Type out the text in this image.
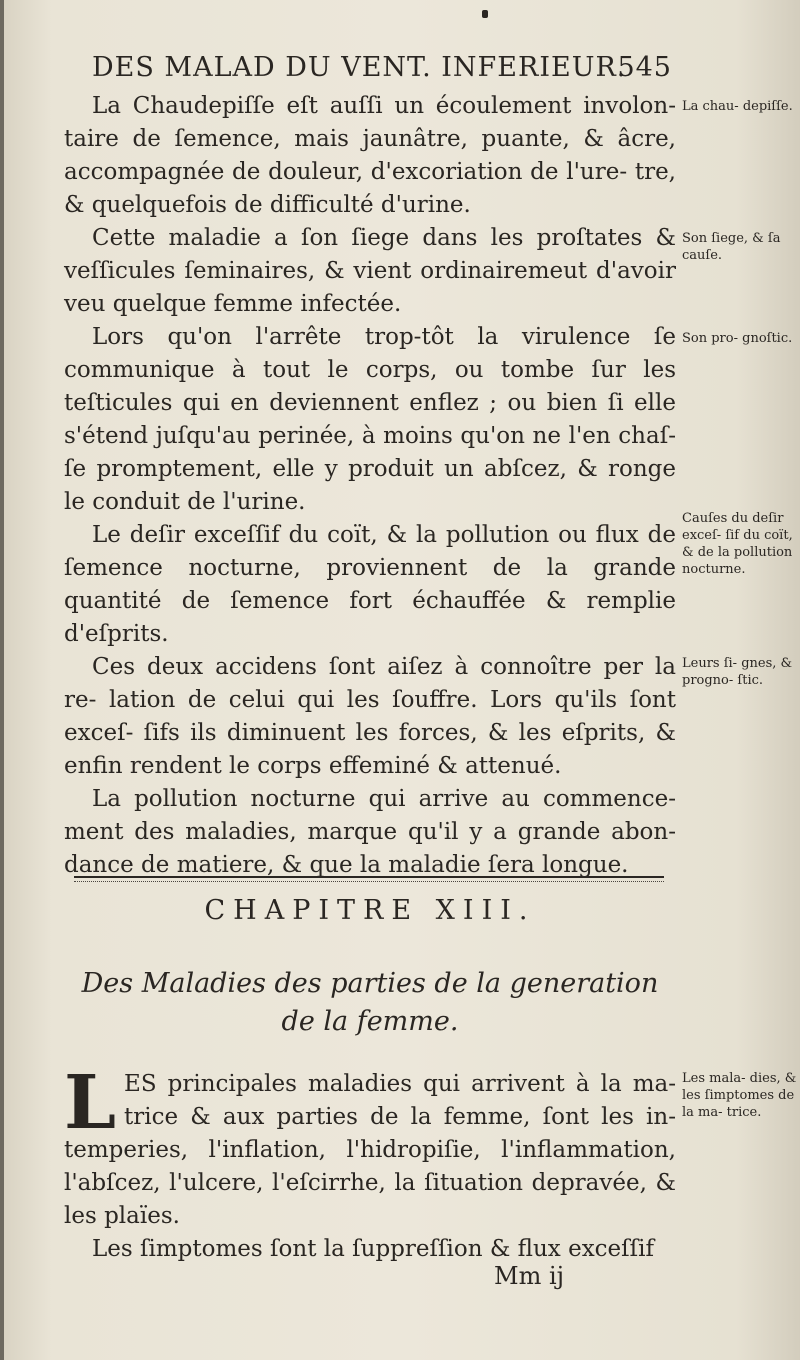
DES MALAD DU VENT. INFERIEUR.
545

La Chaudepiſſe eſt auſſi un écoulement involon- taire de ſemence, mais jaunâtre, puante, & âcre, accompagnée de douleur, d'excoriation de l'ure- tre, & quelquefois de difficulté d'urine.

Cette maladie a ſon ſiege dans les proſtates & veſſicules ſeminaires, & vient ordinairemeut d'avoir veu quelque femme infectée.

Lors qu'on l'arrête trop-tôt la virulence ſe communique à tout le corps, ou tombe ſur les teſticules qui en deviennent enflez ; ou bien ſi elle s'étend juſqu'au perinée, à moins qu'on ne l'en chaſ- ſe promptement, elle y produit un abſcez, & ronge le conduit de l'urine.

Le deſir exceſſif du coït, & la pollution ou flux de ſemence nocturne, proviennent de la grande quantité de ſemence fort échauffée & remplie d'eſprits.

Ces deux accidens ſont aiſez à connoître per la re- lation de celui qui les ſouffre. Lors qu'ils ſont exceſ- ſifs ils diminuent les forces, & les eſprits, & enfin rendent le corps effeminé & attenué.

La pollution nocturne qui arrive au commence- ment des maladies, marque qu'il y a grande abon- dance de matiere, & que la maladie ſera longue.

La chau- depiſſe.
Son ſiege, & ſa cauſe.
Son pro- gnoſtic.
Cauſes du deſir exceſ- ſif du coït, & de la pollution nocturne.
Leurs ſi- gnes, & progno- ſtic.
Les mala- dies, & les ſimptomes de la ma- trice.
CHAPITRE XIII.
Des Maladies des parties de la generation de la femme.

LES principales maladies qui arrivent à la ma- trice & aux parties de la femme, ſont les in- temperies, l'inflation, l'hidropiſie, l'inflammation, l'abſcez, l'ulcere, l'eſcirrhe, la ſituation depravée, & les plaïes.

Les ſimptomes ſont la ſuppreſſion & flux exceſſif

Mm ij
